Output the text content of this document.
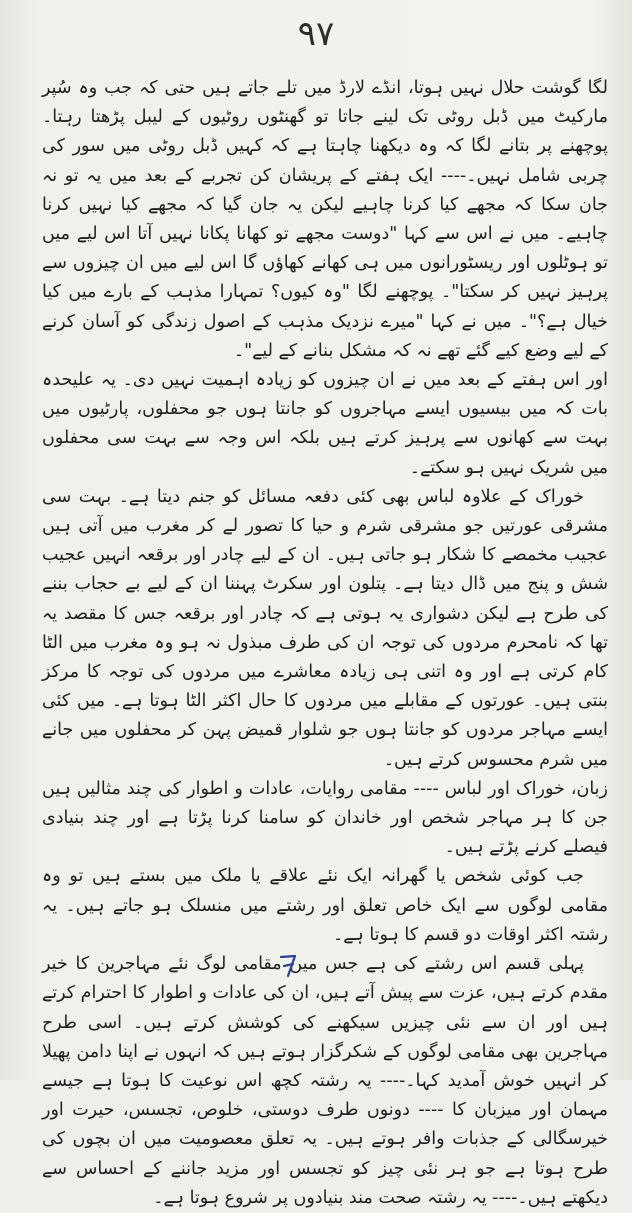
۹۷

لگا گوشت حلال نہیں ہوتا، انڈے لارڈ میں تلے جاتے ہیں حتی کہ جب وہ سُپر مارکیٹ میں ڈبل روٹی تک لینے جاتا تو گھنٹوں روٹیوں کے لیبل پڑھتا رہتا۔ پوچھنے پر بتانے لگا کہ وہ دیکھنا چاہتا ہے کہ کہیں ڈبل روٹی میں سور کی چربی شامل نہیں۔---- ایک ہفتے کے پریشان کن تجربے کے بعد میں یہ تو نہ جان سکا کہ مجھے کیا کرنا چاہیے لیکن یہ جان گیا کہ مجھے کیا نہیں کرنا چاہیے۔ میں نے اس سے کہا "دوست مجھے تو کھانا پکانا نہیں آتا اس لیے میں تو ہوٹلوں اور ریسٹورانوں میں ہی کھانے کھاؤں گا اس لیے میں ان چیزوں سے پرہیز نہیں کر سکتا"۔ پوچھنے لگا "وہ کیوں؟ تمہارا مذہب کے بارے میں کیا خیال ہے؟"۔ میں نے کہا "میرے نزدیک مذہب کے اصول زندگی کو آسان کرنے کے لیے وضع کیے گئے تھے نہ کہ مشکل بنانے کے لیے"۔

اور اس ہفتے کے بعد میں نے ان چیزوں کو زیادہ اہمیت نہیں دی۔ یہ علیحدہ بات کہ میں بیسیوں ایسے مہاجروں کو جانتا ہوں جو محفلوں، پارٹیوں میں بہت سے کھانوں سے پرہیز کرتے ہیں بلکہ اس وجہ سے بہت سی محفلوں میں شریک نہیں ہو سکتے۔

خوراک کے علاوہ لباس بھی کئی دفعہ مسائل کو جنم دیتا ہے۔ بہت سی مشرقی عورتیں جو مشرقی شرم و حیا کا تصور لے کر مغرب میں آتی ہیں عجیب مخمصے کا شکار ہو جاتی ہیں۔ ان کے لیے چادر اور برقعہ انہیں عجیب شش و پنج میں ڈال دیتا ہے۔ پتلون اور سکرٹ پہننا ان کے لیے بے حجاب بننے کی طرح ہے لیکن دشواری یہ ہوتی ہے کہ چادر اور برقعہ جس کا مقصد یہ تھا کہ نامحرم مردوں کی توجہ ان کی طرف مبذول نہ ہو وہ مغرب میں الٹا کام کرتی ہے اور وہ اتنی ہی زیادہ معاشرے میں مردوں کی توجہ کا مرکز بنتی ہیں۔ عورتوں کے مقابلے میں مردوں کا حال اکثر الٹا ہوتا ہے۔ میں کئی ایسے مہاجر مردوں کو جانتا ہوں جو شلوار قمیض پہن کر محفلوں میں جانے میں شرم محسوس کرتے ہیں۔

زبان، خوراک اور لباس ---- مقامی روایات، عادات و اطوار کی چند مثالیں ہیں جن کا ہر مہاجر شخص اور خاندان کو سامنا کرنا پڑتا ہے اور چند بنیادی فیصلے کرنے پڑتے ہیں۔

جب کوئی شخص یا گھرانہ ایک نئے علاقے یا ملک میں بستے ہیں تو وہ مقامی لوگوں سے ایک خاص تعلق اور رشتے میں منسلک ہو جاتے ہیں۔ یہ رشتہ اکثر اوقات دو قسم کا ہوتا ہے۔

پہلی قسم اس رشتے کی ہے جس میں مقامی لوگ نئے مہاجرین کا خیر مقدم کرتے ہیں، عزت سے پیش آتے ہیں، ان کی عادات و اطوار کا احترام کرتے ہیں اور ان سے نئی چیزیں سیکھنے کی کوشش کرتے ہیں۔ اسی طرح مہاجرین بھی مقامی لوگوں کے شکرگزار ہوتے ہیں کہ انہوں نے اپنا دامن پھیلا کر انہیں خوش آمدید کہا۔---- یہ رشتہ کچھ اس نوعیت کا ہوتا ہے جیسے مہمان اور میزبان کا ---- دونوں طرف دوستی، خلوص، تجسس، حیرت اور خیرسگالی کے جذبات وافر ہوتے ہیں۔ یہ تعلق معصومیت میں ان بچوں کی طرح ہوتا ہے جو ہر نئی چیز کو تجسس اور مزید جاننے کے احساس سے دیکھتے ہیں۔---- یہ رشتہ صحت مند بنیادوں پر شروع ہوتا ہے۔
